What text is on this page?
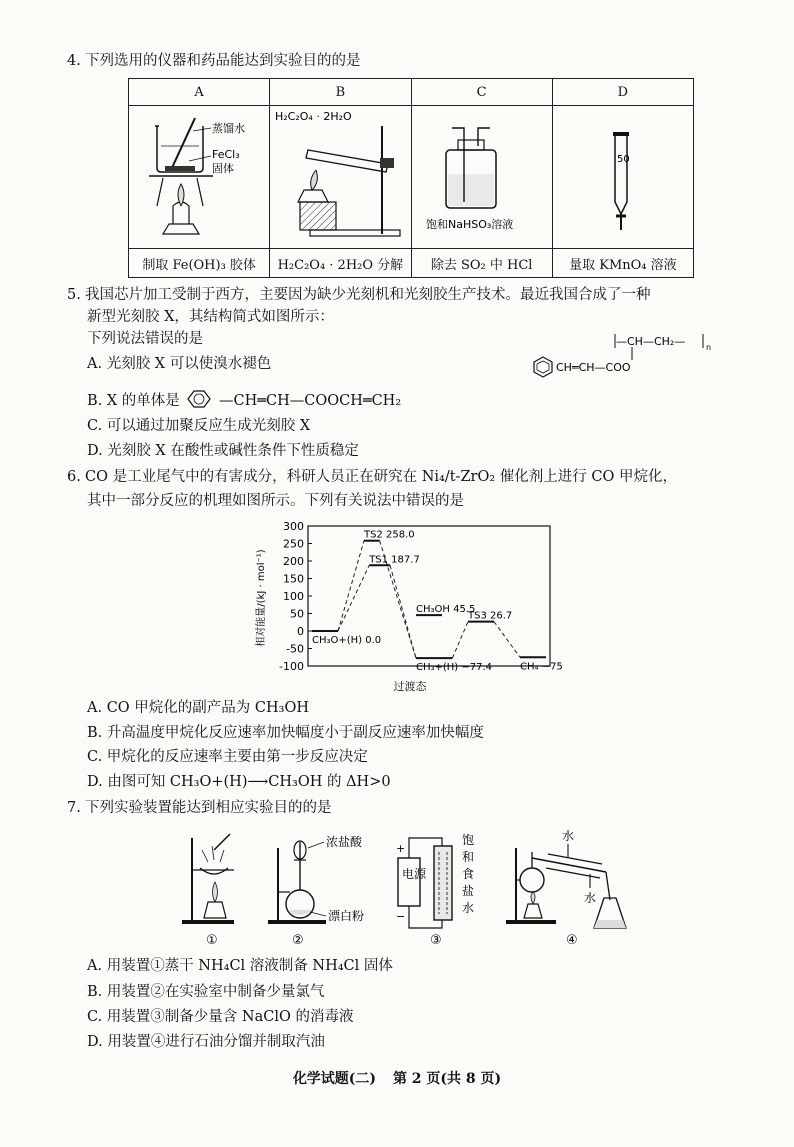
4. 下列选用的仪器和药品能达到实验目的的是
A	B	C	D

蒸馏水
FeCl₃
固体	H₂C₂O₄ · 2H₂O	饱和NaHSO₃溶液	50

制取 Fe(OH)₃ 胶体	H₂C₂O₄ · 2H₂O 分解	除去 SO₂ 中 HCl	量取 KMnO₄ 溶液
5. 我国芯片加工受制于西方，主要因为缺少光刻机和光刻胶生产技术。最近我国合成了一种
新型光刻胶 X，其结构简式如图所示：
下列说法错误的是
CH═CH—COO
—CH—CH₂—	n
A. 光刻胶 X 可以使溴水褪色
B. X 的单体是	—CH═CH—COOCH═CH₂
C. 可以通过加聚反应生成光刻胶 X
D. 光刻胶 X 在酸性或碱性条件下性质稳定
6. CO 是工业尾气中的有害成分，科研人员正在研究在 Ni₄/t-ZrO₂ 催化剂上进行 CO 甲烷化，
其中一部分反应的机理如图所示。下列有关说法中错误的是
300
250
200
150
100
50
0
-50
-100
CH₃O+(H) 0.0
TS2 258.0
TS1 187.7
CH₃OH 45.5
CH₃+(H) −77.4
TS3 26.7
CH₄ −75
相对能量/(kJ · mol⁻¹)
过渡态
A. CO 甲烷化的副产品为 CH₃OH
B. 升高温度甲烷化反应速率加快幅度小于副反应速率加快幅度
C. 甲烷化的反应速率主要由第一步反应决定
D. 由图可知 CH₃O+(H)⟶CH₃OH 的 ΔH>0
7. 下列实验装置能达到相应实验目的的是
①
浓盐酸
漂白粉
②
电源
+
−
饱和食盐水
③
水
水
④
A. 用装置①蒸干 NH₄Cl 溶液制备 NH₄Cl 固体
B. 用装置②在实验室中制备少量氯气
C. 用装置③制备少量含 NaClO 的消毒液
D. 用装置④进行石油分馏并制取汽油
化学试题(二) 第 2 页(共 8 页)
